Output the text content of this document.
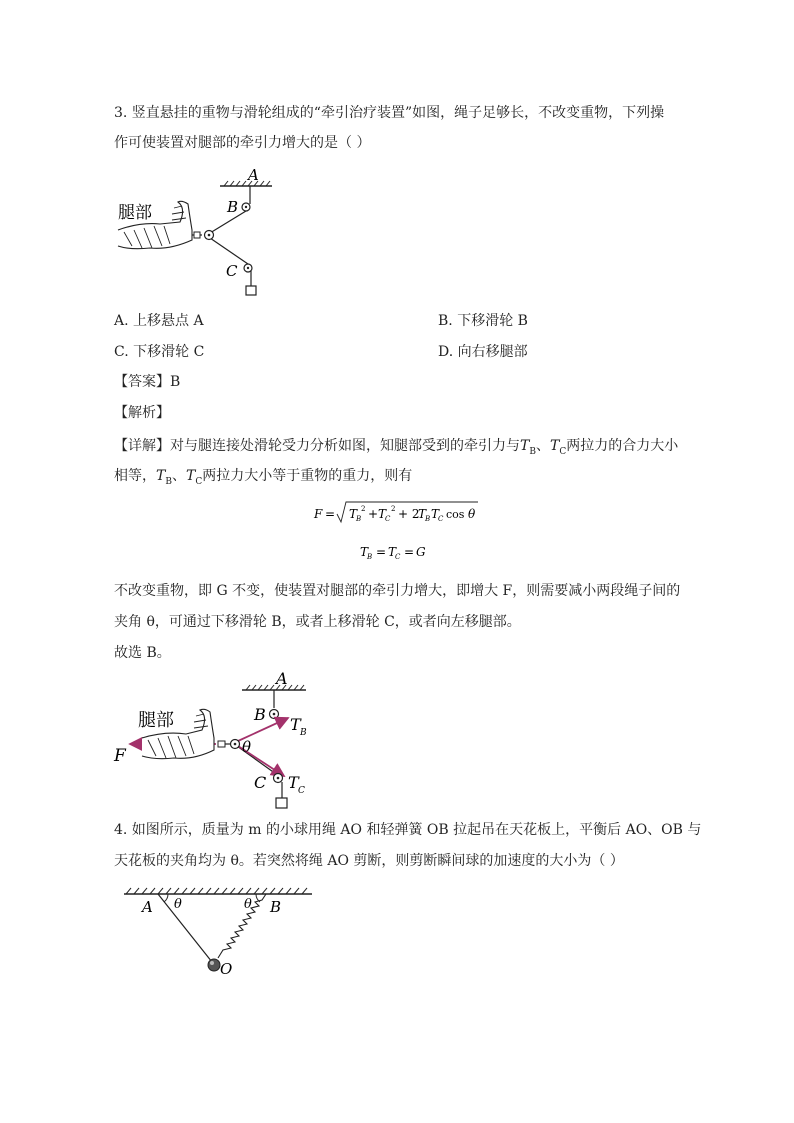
3. 竖直悬挂的重物与滑轮组成的“牵引治疗装置”如图，绳子足够长，不改变重物，下列操
作可使装置对腿部的牵引力增大的是（ ）
A
B
C
腿部
A. 上移悬点 A	B. 下移滑轮 B
C. 下移滑轮 C	D. 向右移腿部
【答案】B
【解析】
【详解】对与腿连接处滑轮受力分析如图，知腿部受到的牵引力与$T_B$、$T_C$两拉力的合力大小
相等，$T_B$、$T_C$两拉力大小等于重物的重力，则有
F = T
B
2 + T
C
2 + 2
T
B T
C cos θ
T
B = T
C = G
不改变重物，即 G 不变，使装置对腿部的牵引力增大，即增大 F，则需要减小两段绳子间的
夹角 θ，可通过下移滑轮 B，或者上移滑轮 C，或者向左移腿部。
故选 B。
A
B
T B
T C
C
θ
F
腿部
4. 如图所示，质量为 m 的小球用绳 AO 和轻弹簧 OB 拉起吊在天花板上，平衡后 AO、OB 与
天花板的夹角均为 θ。若突然将绳 AO 剪断，则剪断瞬间球的加速度的大小为（ ）
A θ	θ B
O
